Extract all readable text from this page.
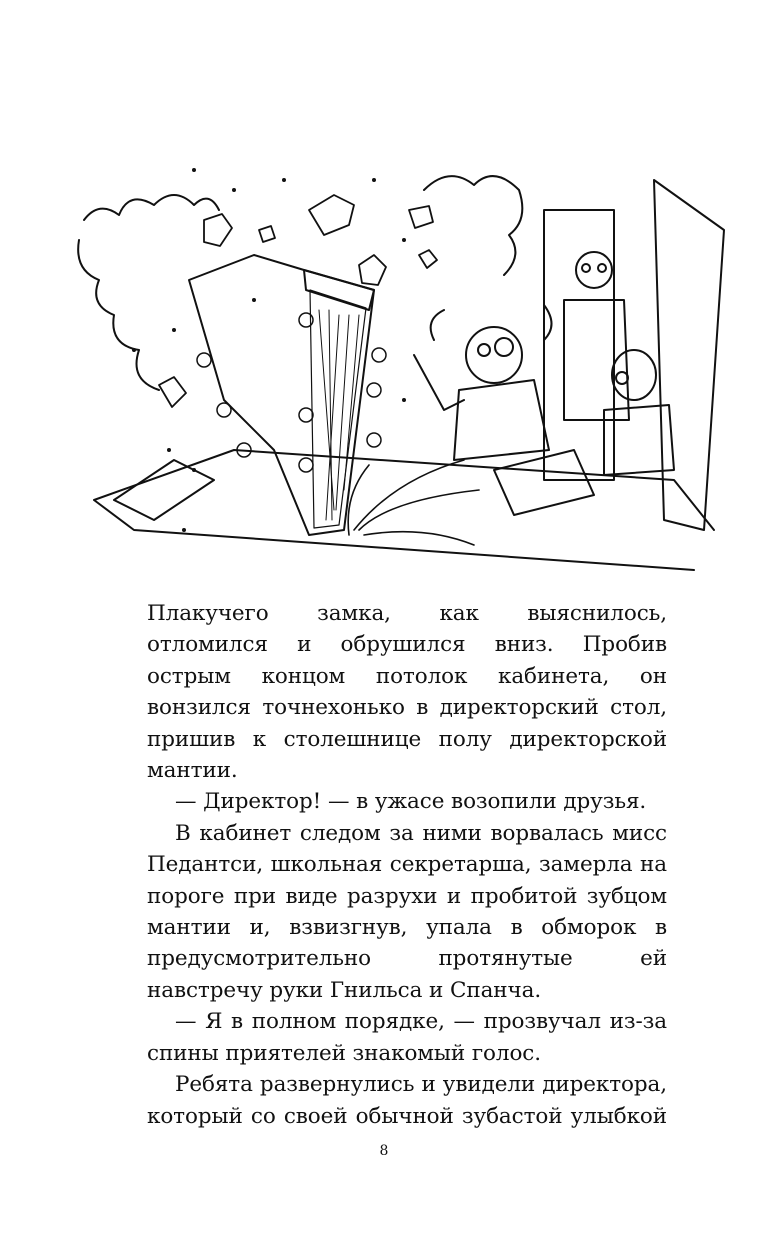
Плакучего замка, как выяснилось, отломился и обрушился вниз. Пробив острым концом потолок кабинета, он вонзился точнехонько в директорский стол, пришив к столешнице полу директорской мантии.

— Директор! — в ужасе возопили друзья.

В кабинет следом за ними ворвалась мисс Педантси, школьная секретарша, замерла на пороге при виде разрухи и пробитой зубцом мантии и, взвизгнув, упала в обморок в предусмотрительно протянутые ей навстречу руки Гнильса и Спанча.

— Я в полном порядке, — прозвучал из-за спины приятелей знакомый голос.

Ребята развернулись и увидели директора, который со своей обычной зубастой улыбкой

8
